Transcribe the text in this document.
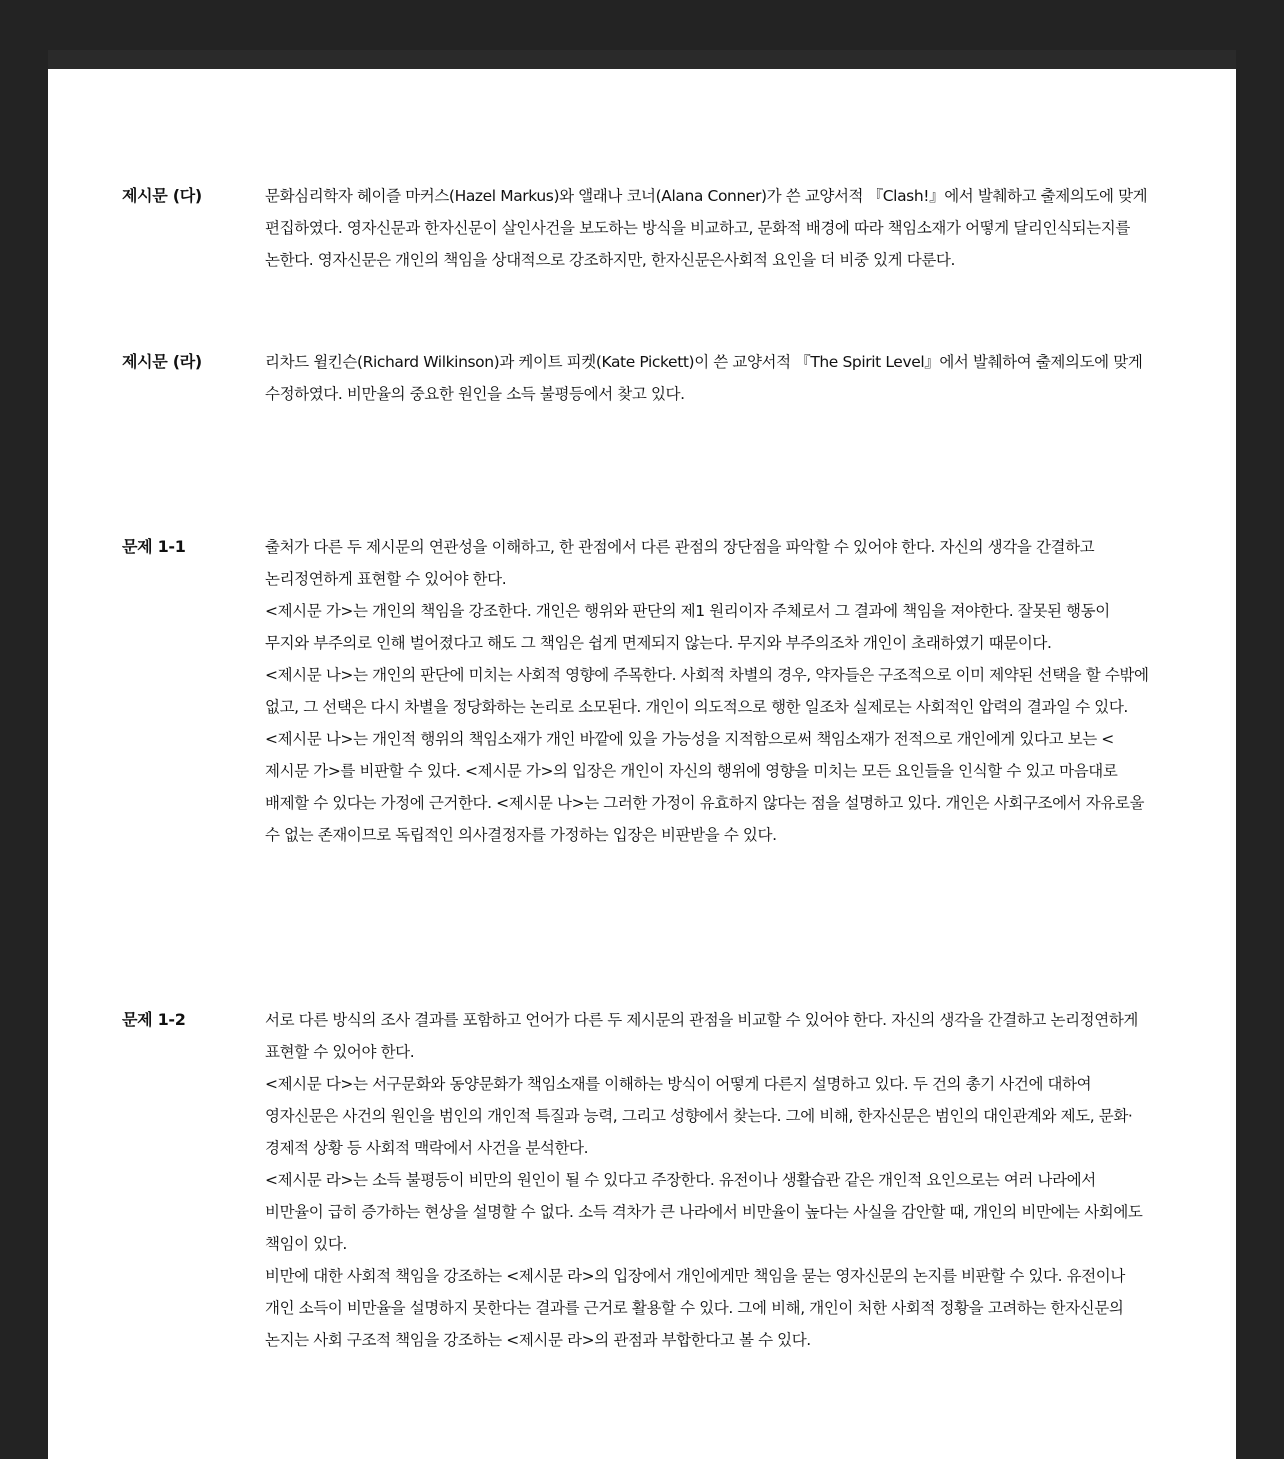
제시문 (다)	문화심리학자 헤이즐 마커스(Hazel Markus)와 앨래나 코너(Alana Conner)가 쓴 교양서적 『Clash!』에서 발췌하고 출제의도에 맞게 편집하였다. 영자신문과 한자신문이 살인사건을 보도하는 방식을 비교하고, 문화적 배경에 따라 책임소재가 어떻게 달리인식되는지를 논한다. 영자신문은 개인의 책임을 상대적으로 강조하지만, 한자신문은사회적 요인을 더 비중 있게 다룬다.

제시문 (라)	리차드 윌킨슨(Richard Wilkinson)과 케이트 피켓(Kate Pickett)이 쓴 교양서적 『The Spirit Level』에서 발췌하여 출제의도에 맞게 수정하였다. 비만율의 중요한 원인을 소득 불평등에서 찾고 있다.

문제 1-1	출처가 다른 두 제시문의 연관성을 이해하고, 한 관점에서 다른 관점의 장단점을 파악할 수 있어야 한다. 자신의 생각을 간결하고 논리정연하게 표현할 수 있어야 한다.

<제시문 가>는 개인의 책임을 강조한다. 개인은 행위와 판단의 제1 원리이자 주체로서 그 결과에 책임을 져야한다. 잘못된 행동이 무지와 부주의로 인해 벌어졌다고 해도 그 책임은 쉽게 면제되지 않는다. 무지와 부주의조차 개인이 초래하였기 때문이다.

<제시문 나>는 개인의 판단에 미치는 사회적 영향에 주목한다. 사회적 차별의 경우, 약자들은 구조적으로 이미 제약된 선택을 할 수밖에 없고, 그 선택은 다시 차별을 정당화하는 논리로 소모된다. 개인이 의도적으로 행한 일조차 실제로는 사회적인 압력의 결과일 수 있다.

<제시문 나>는 개인적 행위의 책임소재가 개인 바깥에 있을 가능성을 지적함으로써 책임소재가 전적으로 개인에게 있다고 보는 <제시문 가>를 비판할 수 있다. <제시문 가>의 입장은 개인이 자신의 행위에 영향을 미치는 모든 요인들을 인식할 수 있고 마음대로 배제할 수 있다는 가정에 근거한다. <제시문 나>는 그러한 가정이 유효하지 않다는 점을 설명하고 있다. 개인은 사회구조에서 자유로울 수 없는 존재이므로 독립적인 의사결정자를 가정하는 입장은 비판받을 수 있다.

문제 1-2	서로 다른 방식의 조사 결과를 포함하고 언어가 다른 두 제시문의 관점을 비교할 수 있어야 한다. 자신의 생각을 간결하고 논리정연하게 표현할 수 있어야 한다.

<제시문 다>는 서구문화와 동양문화가 책임소재를 이해하는 방식이 어떻게 다른지 설명하고 있다. 두 건의 총기 사건에 대하여 영자신문은 사건의 원인을 범인의 개인적 특질과 능력, 그리고 성향에서 찾는다. 그에 비해, 한자신문은 범인의 대인관계와 제도, 문화·경제적 상황 등 사회적 맥락에서 사건을 분석한다.

<제시문 라>는 소득 불평등이 비만의 원인이 될 수 있다고 주장한다. 유전이나 생활습관 같은 개인적 요인으로는 여러 나라에서 비만율이 급히 증가하는 현상을 설명할 수 없다. 소득 격차가 큰 나라에서 비만율이 높다는 사실을 감안할 때, 개인의 비만에는 사회에도 책임이 있다.

비만에 대한 사회적 책임을 강조하는 <제시문 라>의 입장에서 개인에게만 책임을 묻는 영자신문의 논지를 비판할 수 있다. 유전이나 개인 소득이 비만율을 설명하지 못한다는 결과를 근거로 활용할 수 있다. 그에 비해, 개인이 처한 사회적 정황을 고려하는 한자신문의 논지는 사회 구조적 책임을 강조하는 <제시문 라>의 관점과 부합한다고 볼 수 있다.
